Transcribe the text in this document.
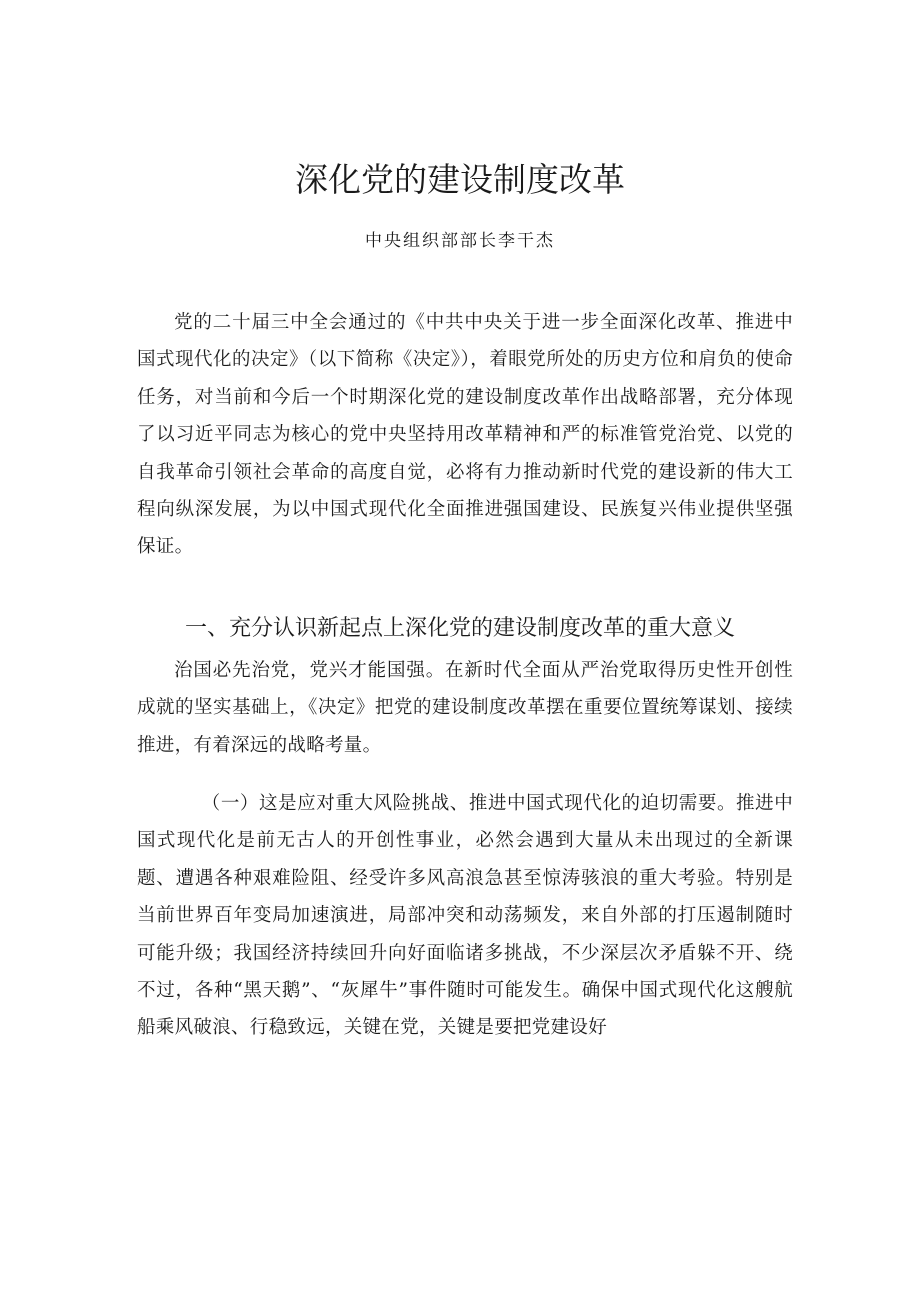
深化党的建设制度改革

中央组织部部长李干杰

党的二十届三中全会通过的《中共中央关于进一步全面深化改革、推进中国式现代化的决定》（以下简称《决定》），着眼党所处的历史方位和肩负的使命任务，对当前和今后一个时期深化党的建设制度改革作出战略部署，充分体现了以习近平同志为核心的党中央坚持用改革精神和严的标准管党治党、以党的自我革命引领社会革命的高度自觉，必将有力推动新时代党的建设新的伟大工程向纵深发展，为以中国式现代化全面推进强国建设、民族复兴伟业提供坚强保证。

一、充分认识新起点上深化党的建设制度改革的重大意义

治国必先治党，党兴才能国强。在新时代全面从严治党取得历史性开创性成就的坚实基础上，《决定》把党的建设制度改革摆在重要位置统筹谋划、接续推进，有着深远的战略考量。

（一）这是应对重大风险挑战、推进中国式现代化的迫切需要。推进中国式现代化是前无古人的开创性事业，必然会遇到大量从未出现过的全新课题、遭遇各种艰难险阻、经受许多风高浪急甚至惊涛骇浪的重大考验。特别是当前世界百年变局加速演进，局部冲突和动荡频发，来自外部的打压遏制随时可能升级；我国经济持续回升向好面临诸多挑战，不少深层次矛盾躲不开、绕不过，各种“黑天鹅”、“灰犀牛”事件随时可能发生。确保中国式现代化这艘航船乘风破浪、行稳致远，关键在党，关键是要把党建设好
